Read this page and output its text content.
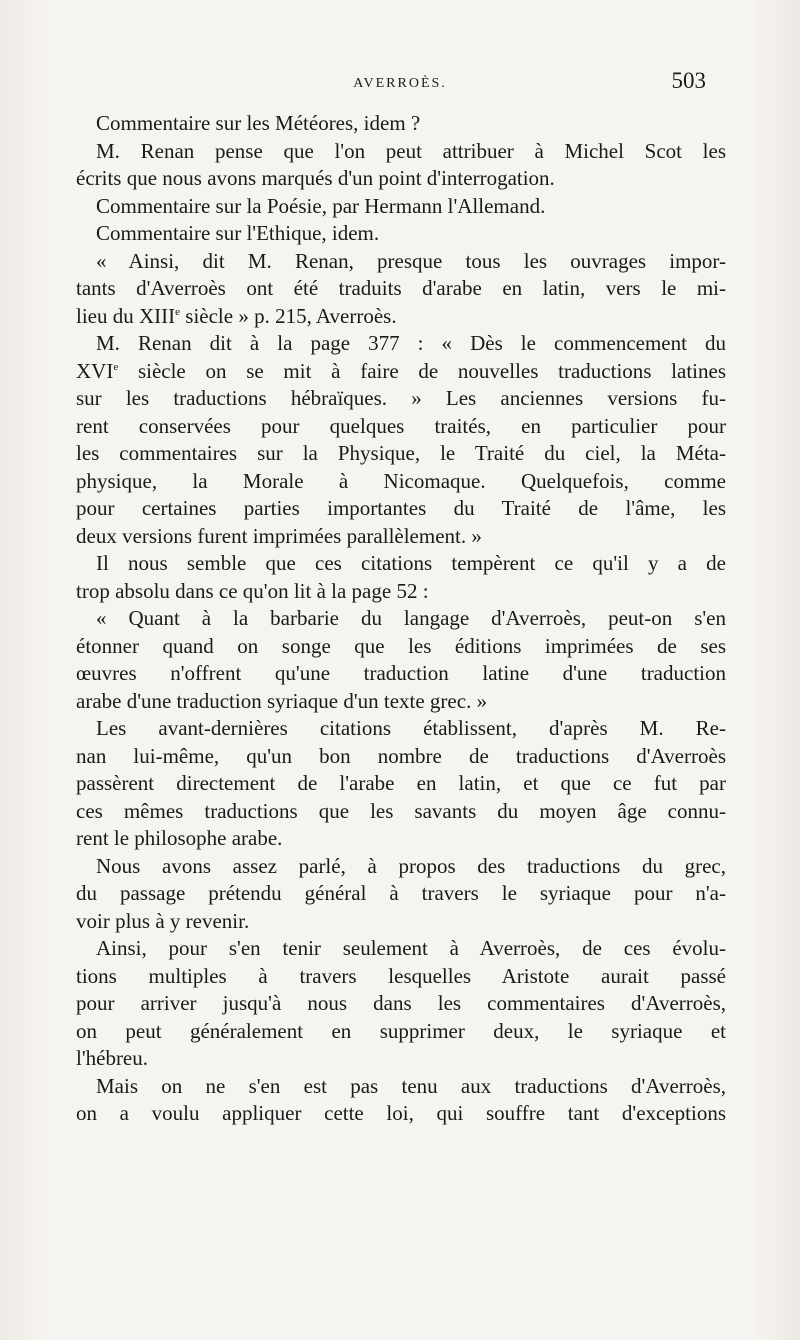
AVERROÈS.	503
Commentaire sur les Météores, idem ?
M. Renan pense que l'on peut attribuer à Michel Scot les
écrits que nous avons marqués d'un point d'interrogation.
Commentaire sur la Poésie, par Hermann l'Allemand.
Commentaire sur l'Ethique, idem.
« Ainsi, dit M. Renan, presque tous les ouvrages impor-
tants d'Averroès ont été traduits d'arabe en latin, vers le mi-
lieu du XIIIe siècle » p. 215, Averroès.
M. Renan dit à la page 377 : « Dès le commencement du
XVIe siècle on se mit à faire de nouvelles traductions latines
sur les traductions hébraïques. » Les anciennes versions fu-
rent conservées pour quelques traités, en particulier pour
les commentaires sur la Physique, le Traité du ciel, la Méta-
physique, la Morale à Nicomaque. Quelquefois, comme
pour certaines parties importantes du Traité de l'âme, les
deux versions furent imprimées parallèlement. »
Il nous semble que ces citations tempèrent ce qu'il y a de
trop absolu dans ce qu'on lit à la page 52 :
« Quant à la barbarie du langage d'Averroès, peut-on s'en
étonner quand on songe que les éditions imprimées de ses
œuvres n'offrent qu'une traduction latine d'une traduction
arabe d'une traduction syriaque d'un texte grec. »
Les avant-dernières citations établissent, d'après M. Re-
nan lui-même, qu'un bon nombre de traductions d'Averroès
passèrent directement de l'arabe en latin, et que ce fut par
ces mêmes traductions que les savants du moyen âge connu-
rent le philosophe arabe.
Nous avons assez parlé, à propos des traductions du grec,
du passage prétendu général à travers le syriaque pour n'a-
voir plus à y revenir.
Ainsi, pour s'en tenir seulement à Averroès, de ces évolu-
tions multiples à travers lesquelles Aristote aurait passé
pour arriver jusqu'à nous dans les commentaires d'Averroès,
on peut généralement en supprimer deux, le syriaque et
l'hébreu.
Mais on ne s'en est pas tenu aux traductions d'Averroès,
on a voulu appliquer cette loi, qui souffre tant d'exceptions
